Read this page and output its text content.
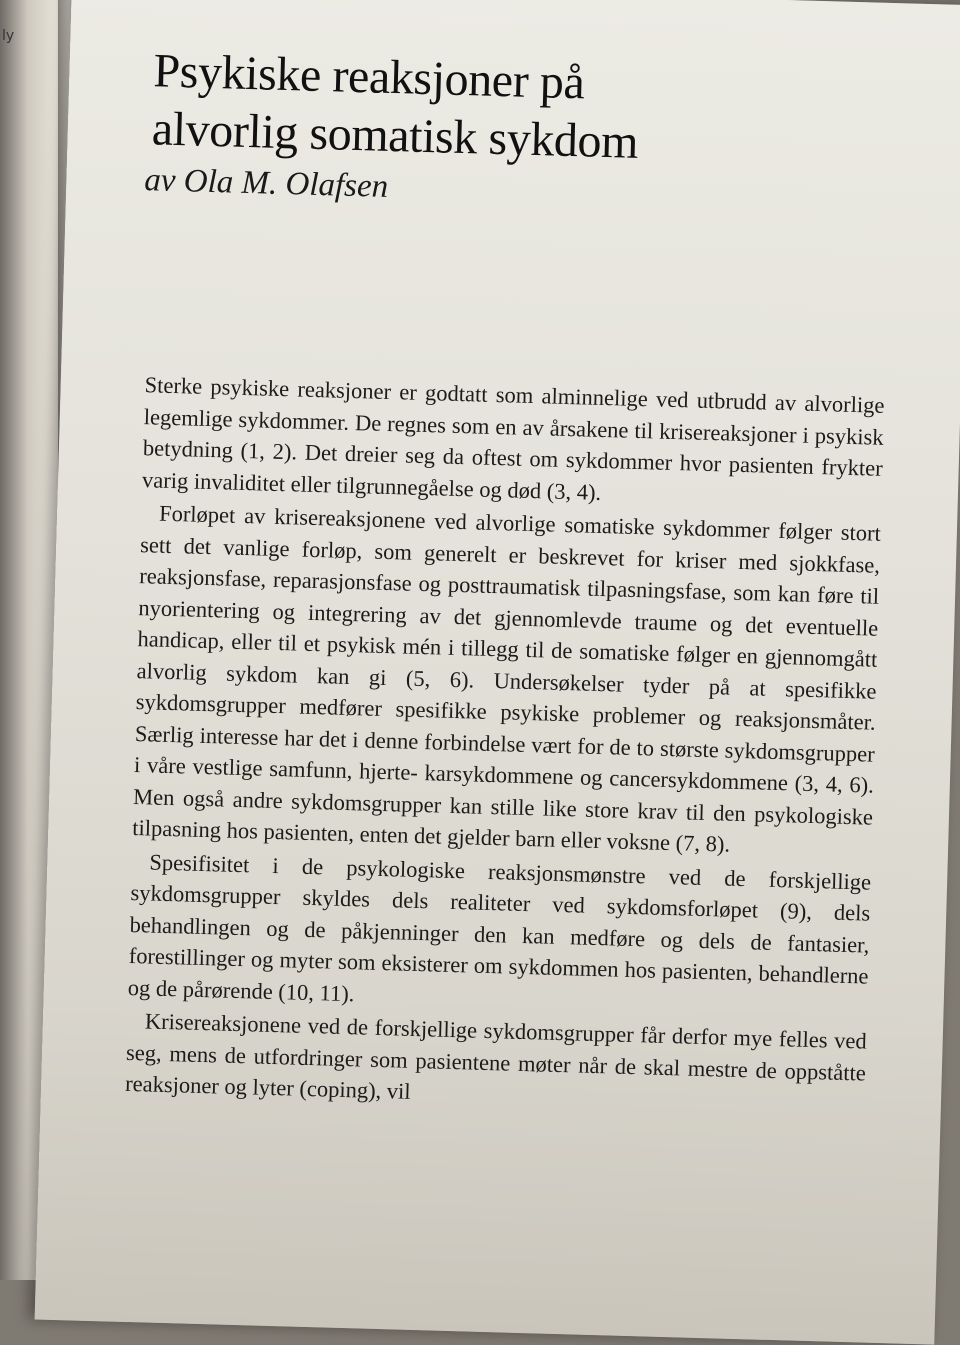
ly
Psykiske reaksjoner på
alvorlig somatisk sykdom
av Ola M. Olafsen

Sterke psykiske reaksjoner er godtatt som alminnelige ved utbrudd av alvorlige legemlige sykdommer. De regnes som en av årsakene til krisereaksjoner i psykisk betydning (1, 2). Det dreier seg da oftest om sykdommer hvor pasienten frykter varig invaliditet eller tilgrunnegåelse og død (3, 4).

Forløpet av krisereaksjonene ved alvorlige somatiske sykdommer følger stort sett det vanlige forløp, som generelt er beskrevet for kriser med sjokkfase, reaksjonsfase, reparasjonsfase og posttraumatisk tilpasningsfase, som kan føre til nyorientering og integrering av det gjennomlevde traume og det eventuelle handicap, eller til et psykisk mén i tillegg til de somatiske følger en gjennomgått alvorlig sykdom kan gi (5, 6). Undersøkelser tyder på at spesifikke sykdomsgrupper medfører spesifikke psykiske problemer og reaksjonsmåter. Særlig interesse har det i denne forbindelse vært for de to største sykdomsgrupper i våre vestlige samfunn, hjerte- karsykdommene og cancersykdommene (3, 4, 6). Men også andre sykdomsgrupper kan stille like store krav til den psykologiske tilpasning hos pasienten, enten det gjelder barn eller voksne (7, 8).

Spesifisitet i de psykologiske reaksjonsmønstre ved de forskjellige sykdomsgrupper skyldes dels realiteter ved sykdomsforløpet (9), dels behandlingen og de påkjenninger den kan medføre og dels de fantasier, forestillinger og myter som eksisterer om sykdommen hos pasienten, behandlerne og de pårørende (10, 11).

Krisereaksjonene ved de forskjellige sykdomsgrupper får derfor mye felles ved seg, mens de utfordringer som pasientene møter når de skal mestre de oppståtte reaksjoner og lyter (coping), vil
